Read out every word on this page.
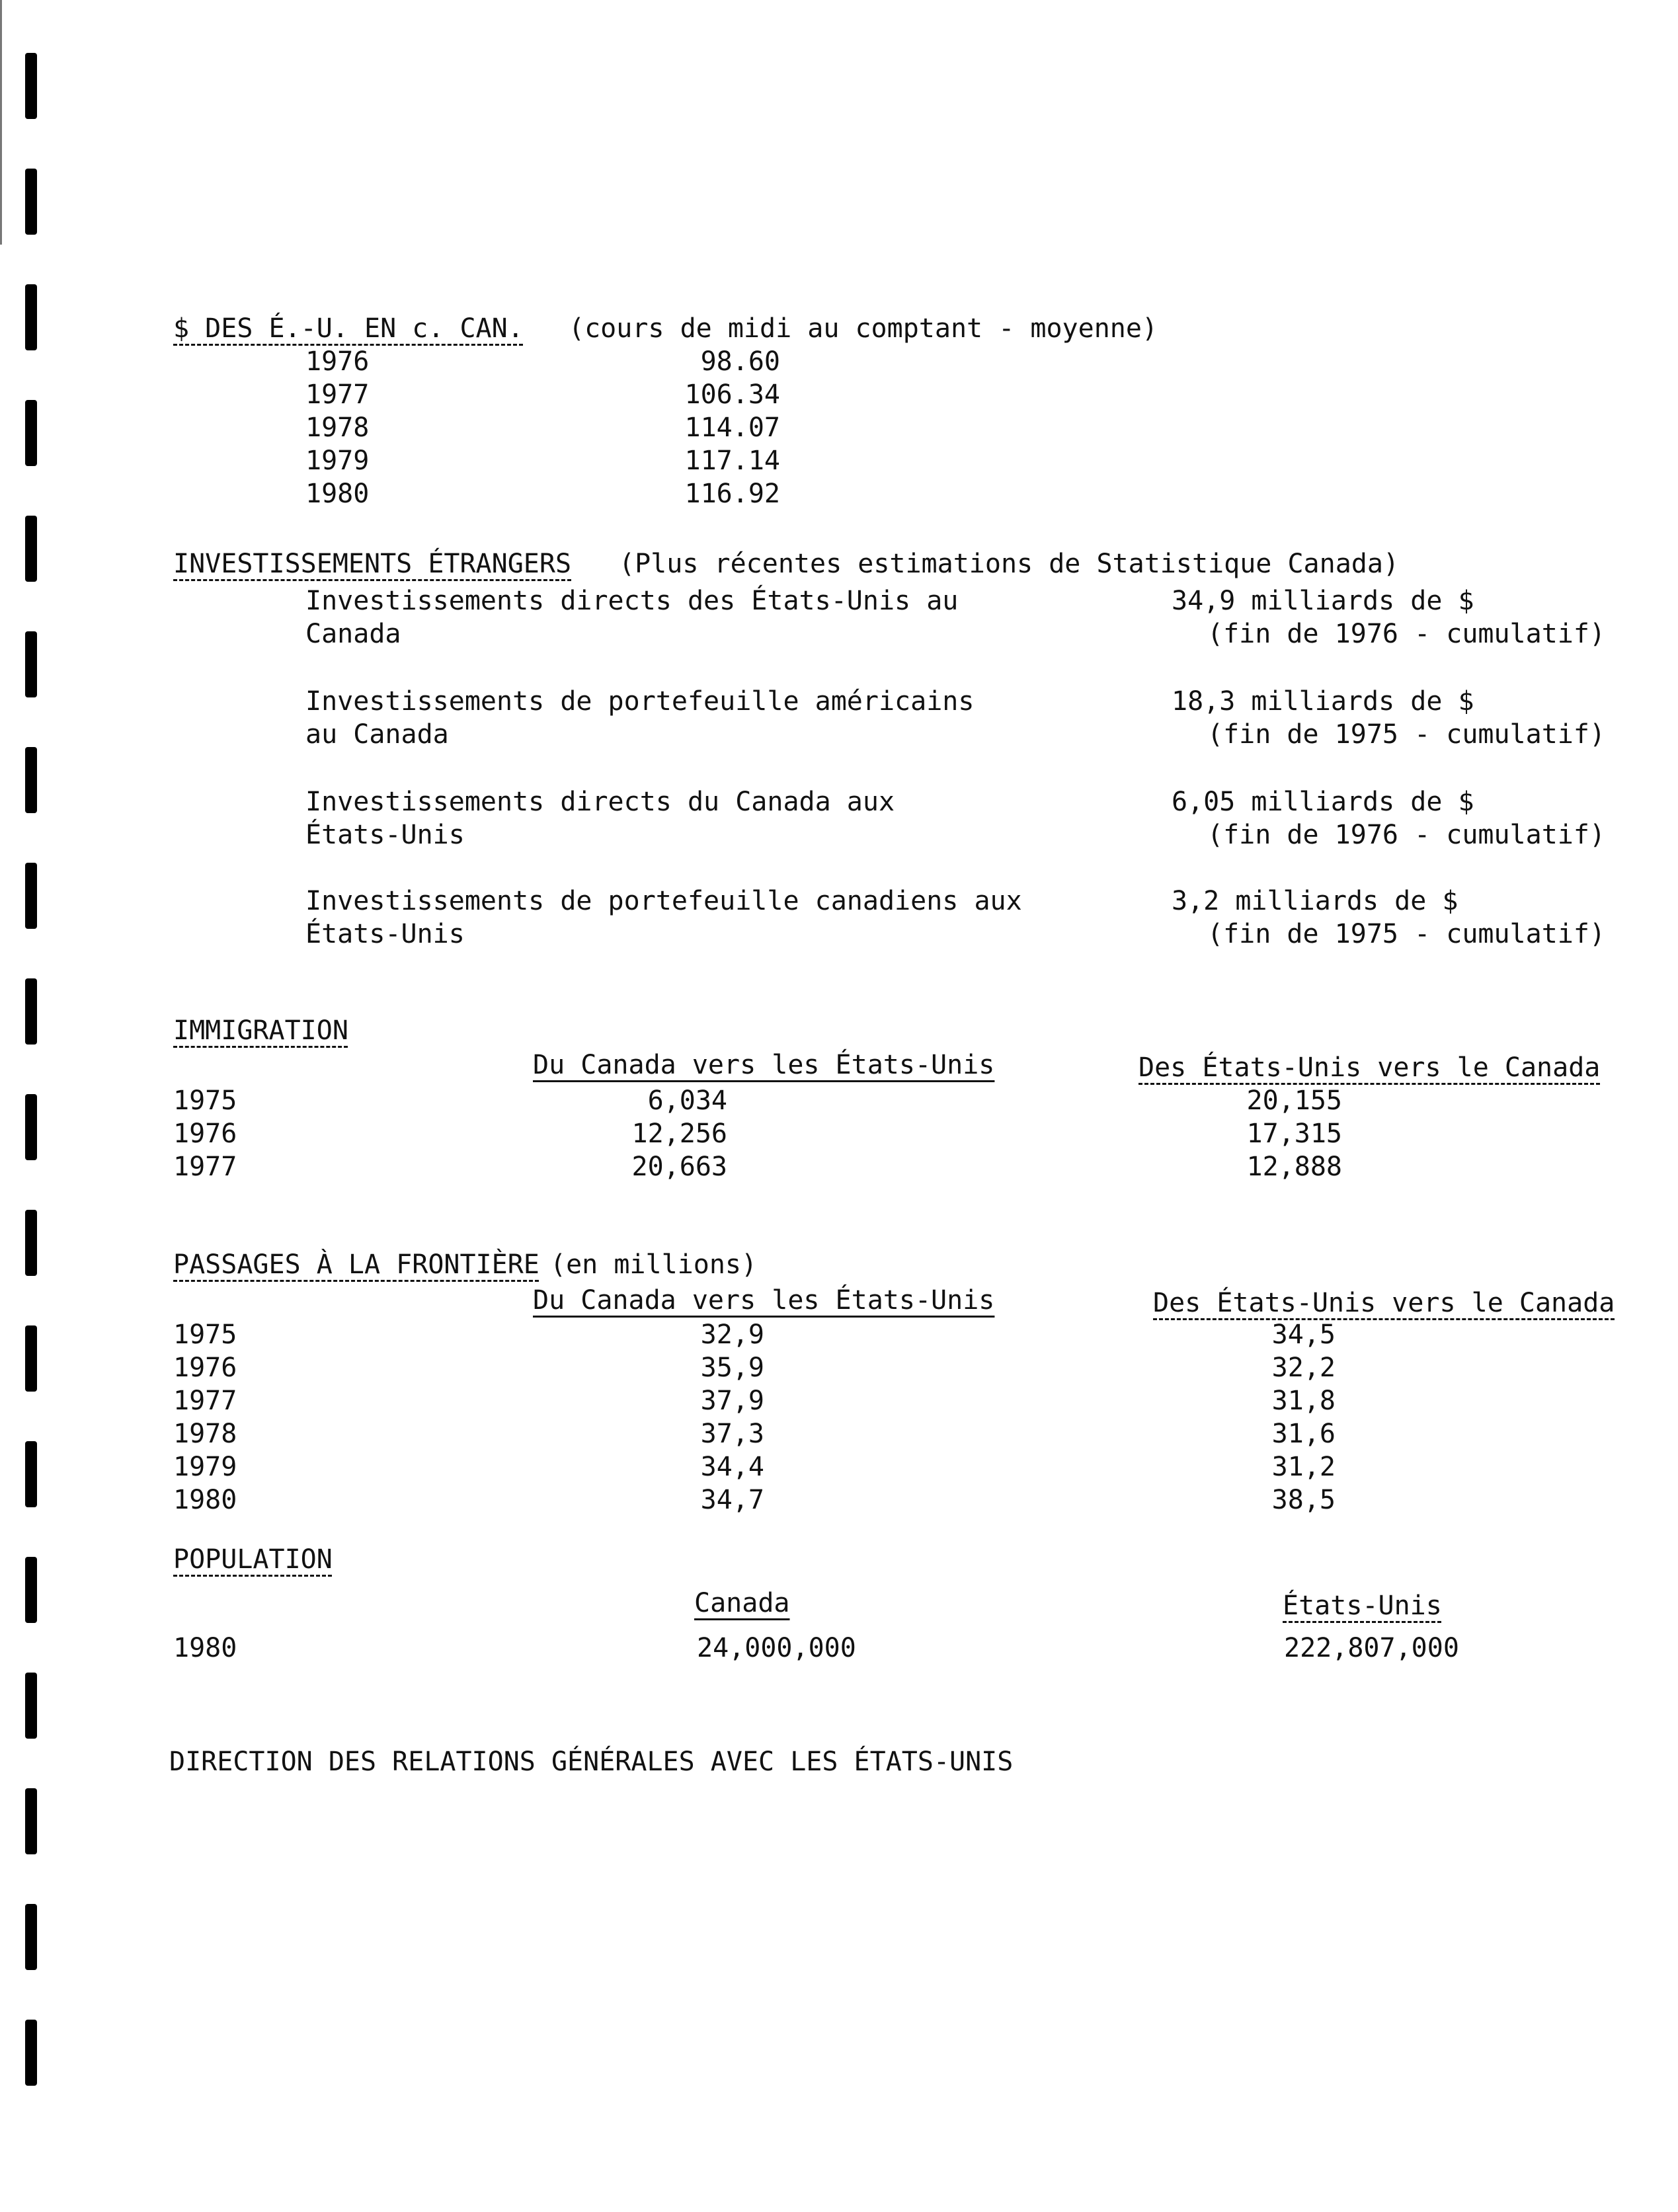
$ DES É.-U. EN c. CAN. (cours de midi au comptant - moyenne)
1976	98.60
1977	106.34
1978	114.07
1979	117.14
1980	116.92
INVESTISSEMENTS ÉTRANGERS (Plus récentes estimations de Statistique Canada)
Investissements directs des États-Unis au
Canada
34,9 milliards de $
(fin de 1976 - cumulatif)
Investissements de portefeuille américains
au Canada
18,3 milliards de $
(fin de 1975 - cumulatif)
Investissements directs du Canada aux
États-Unis
6,05 milliards de $
(fin de 1976 - cumulatif)
Investissements de portefeuille canadiens aux
États-Unis
3,2 milliards de $
(fin de 1975 - cumulatif)
IMMIGRATION
Du Canada vers les États-Unis	Des États-Unis vers le Canada
1975	6,034	20,155
1976	12,256	17,315
1977	20,663	12,888
PASSAGES À LA FRONTIÈRE (en millions)
Du Canada vers les États-Unis	Des États-Unis vers le Canada
1975	32,9	34,5
1976	35,9	32,2
1977	37,9	31,8
1978	37,3	31,6
1979	34,4	31,2
1980	34,7	38,5
POPULATION
Canada	États-Unis
1980	24,000,000	222,807,000
DIRECTION DES RELATIONS GÉNÉRALES AVEC LES ÉTATS-UNIS
